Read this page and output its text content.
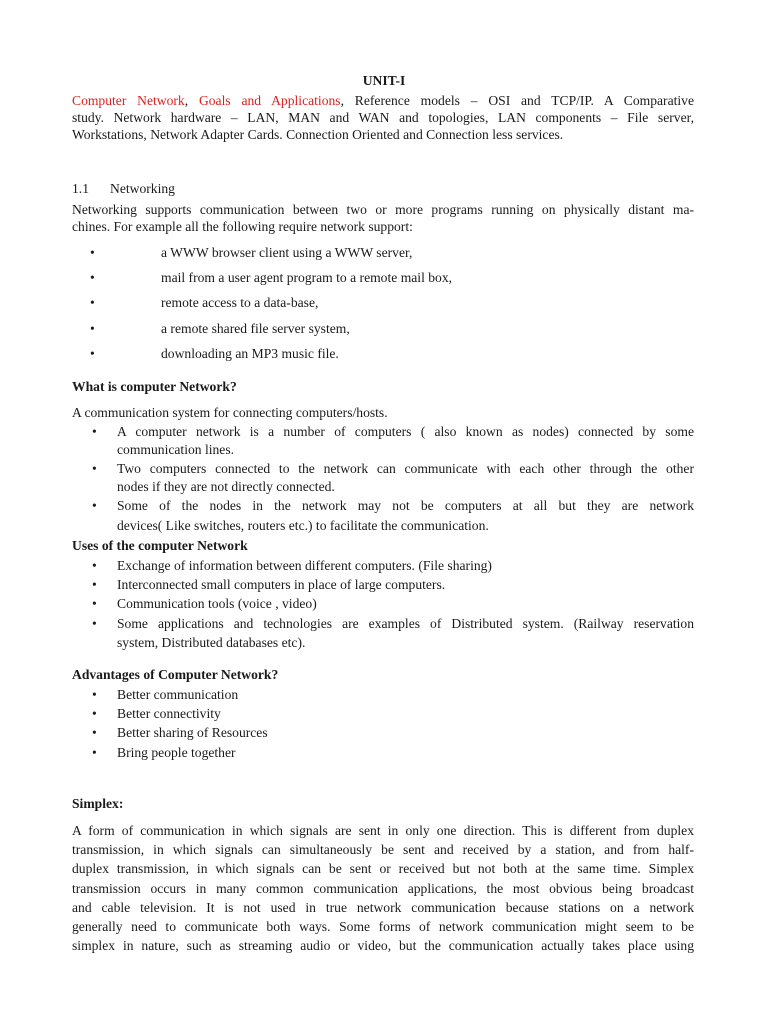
UNIT-I
Computer Network, Goals and Applications, Reference models – OSI and TCP/IP. A Comparative
study. Network hardware – LAN, MAN and WAN and topologies, LAN components – File server,
Workstations, Network Adapter Cards. Connection Oriented and Connection less services.
1.1 Networking
Networking supports communication between two or more programs running on physically distant ma-
chines. For example all the following require network support:
•	a WWW browser client using a WWW server,
•	mail from a user agent program to a remote mail box,
•	remote access to a data-base,
•	a remote shared file server system,
•	downloading an MP3 music file.
What is computer Network?
A communication system for connecting computers/hosts.
• A computer network is a number of computers ( also known as nodes) connected by some
communication lines.
• Two computers connected to the network can communicate with each other through the other
nodes if they are not directly connected.
• Some of the nodes in the network may not be computers at all but they are network
devices( Like switches, routers etc.) to facilitate the communication.
Uses of the computer Network
• Exchange of information between different computers. (File sharing)
• Interconnected small computers in place of large computers.
• Communication tools (voice , video)
• Some applications and technologies are examples of Distributed system. (Railway reservation
system, Distributed databases etc).
Advantages of Computer Network?
• Better communication
• Better connectivity
• Better sharing of Resources
• Bring people together
Simplex:
A form of communication in which signals are sent in only one direction. This is different from duplex
transmission, in which signals can simultaneously be sent and received by a station, and from half-
duplex transmission, in which signals can be sent or received but not both at the same time. Simplex
transmission occurs in many common communication applications, the most obvious being broadcast
and cable television. It is not used in true network communication because stations on a network
generally need to communicate both ways. Some forms of network communication might seem to be
simplex in nature, such as streaming audio or video, but the communication actually takes place using
